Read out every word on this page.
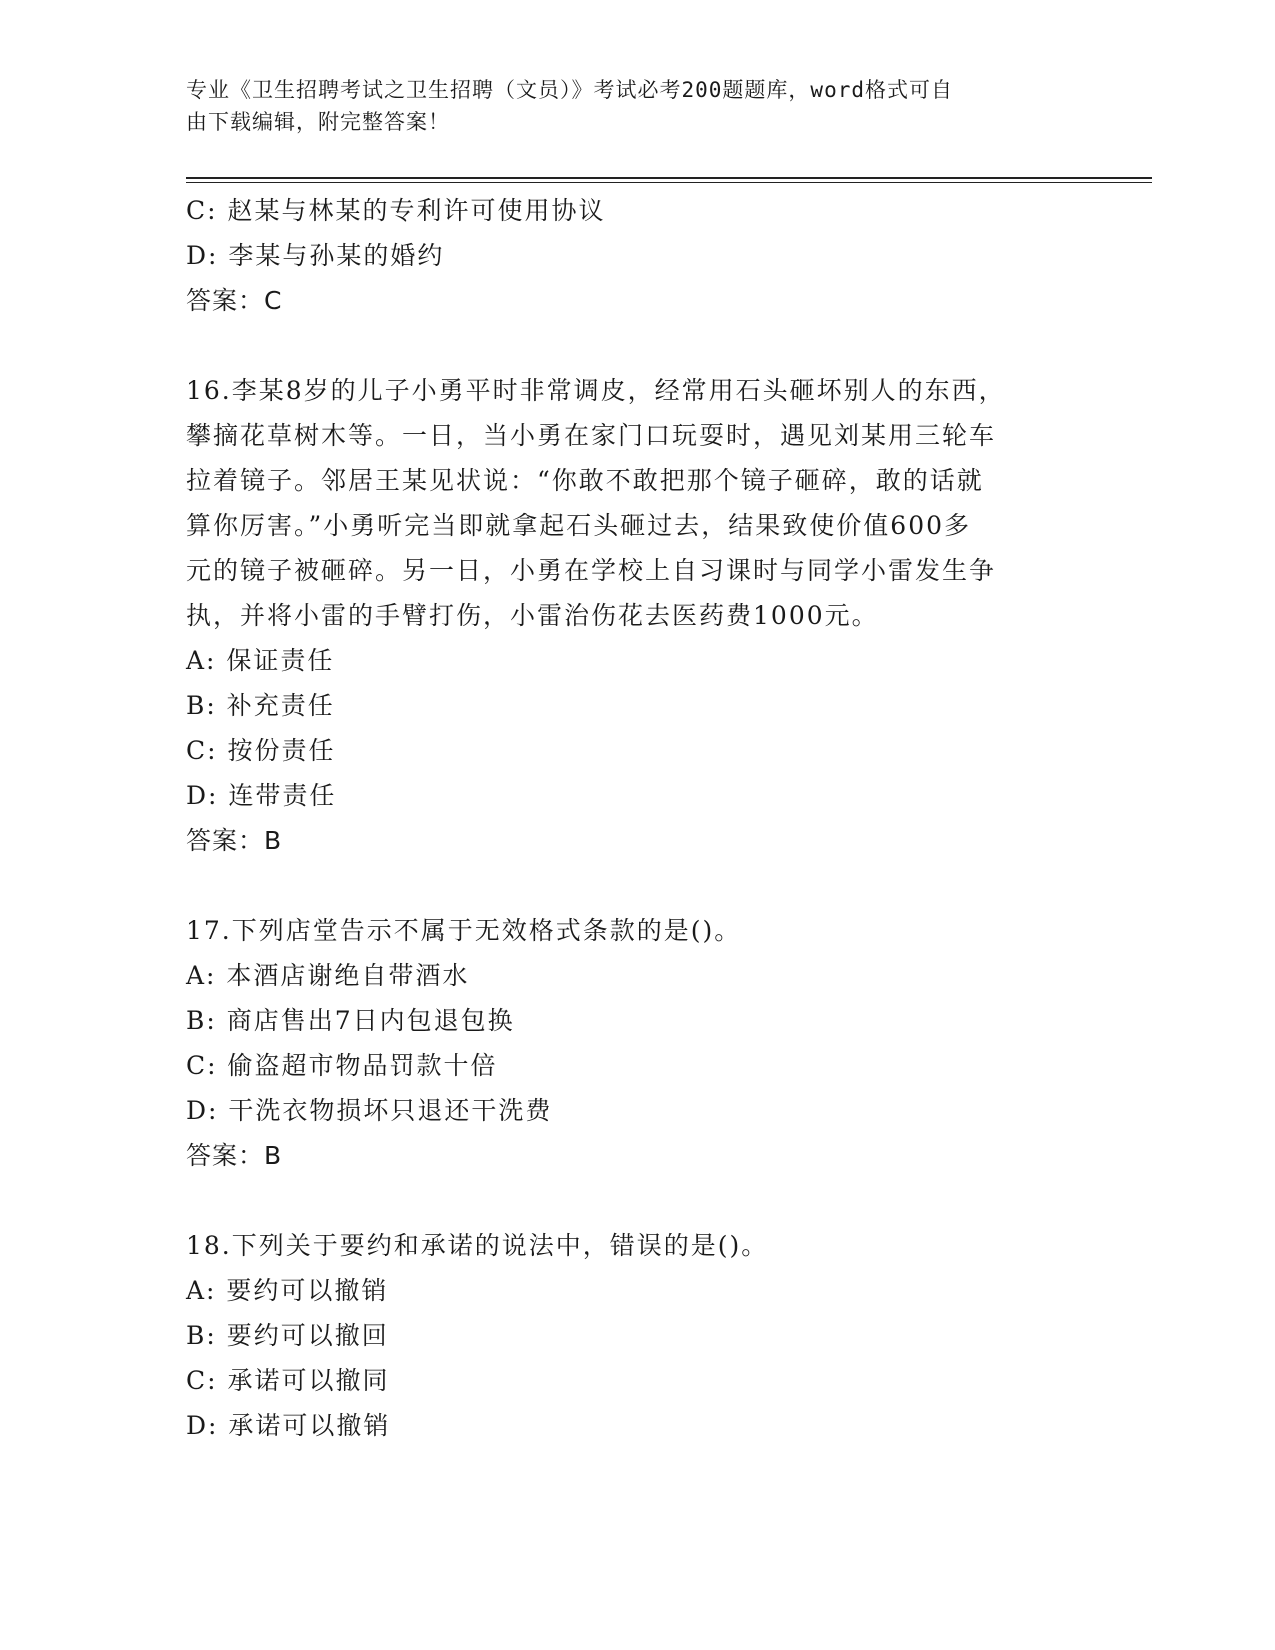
专业《卫生招聘考试之卫生招聘（文员）》考试必考200题题库，word格式可自
由下载编辑，附完整答案！
C: 赵某与林某的专利许可使用协议
D: 李某与孙某的婚约
答案：C
16.李某8岁的儿子小勇平时非常调皮，经常用石头砸坏别人的东西，
攀摘花草树木等。一日，当小勇在家门口玩耍时，遇见刘某用三轮车
拉着镜子。邻居王某见状说：“你敢不敢把那个镜子砸碎，敢的话就
算你厉害。”小勇听完当即就拿起石头砸过去，结果致使价值600多
元的镜子被砸碎。另一日，小勇在学校上自习课时与同学小雷发生争
执，并将小雷的手臂打伤，小雷治伤花去医药费1000元。
A: 保证责任
B: 补充责任
C: 按份责任
D: 连带责任
答案：B
17.下列店堂告示不属于无效格式条款的是()。
A: 本酒店谢绝自带酒水
B: 商店售出7日内包退包换
C: 偷盗超市物品罚款十倍
D: 干洗衣物损坏只退还干洗费
答案：B
18.下列关于要约和承诺的说法中，错误的是()。
A: 要约可以撤销
B: 要约可以撤回
C: 承诺可以撤同
D: 承诺可以撤销
